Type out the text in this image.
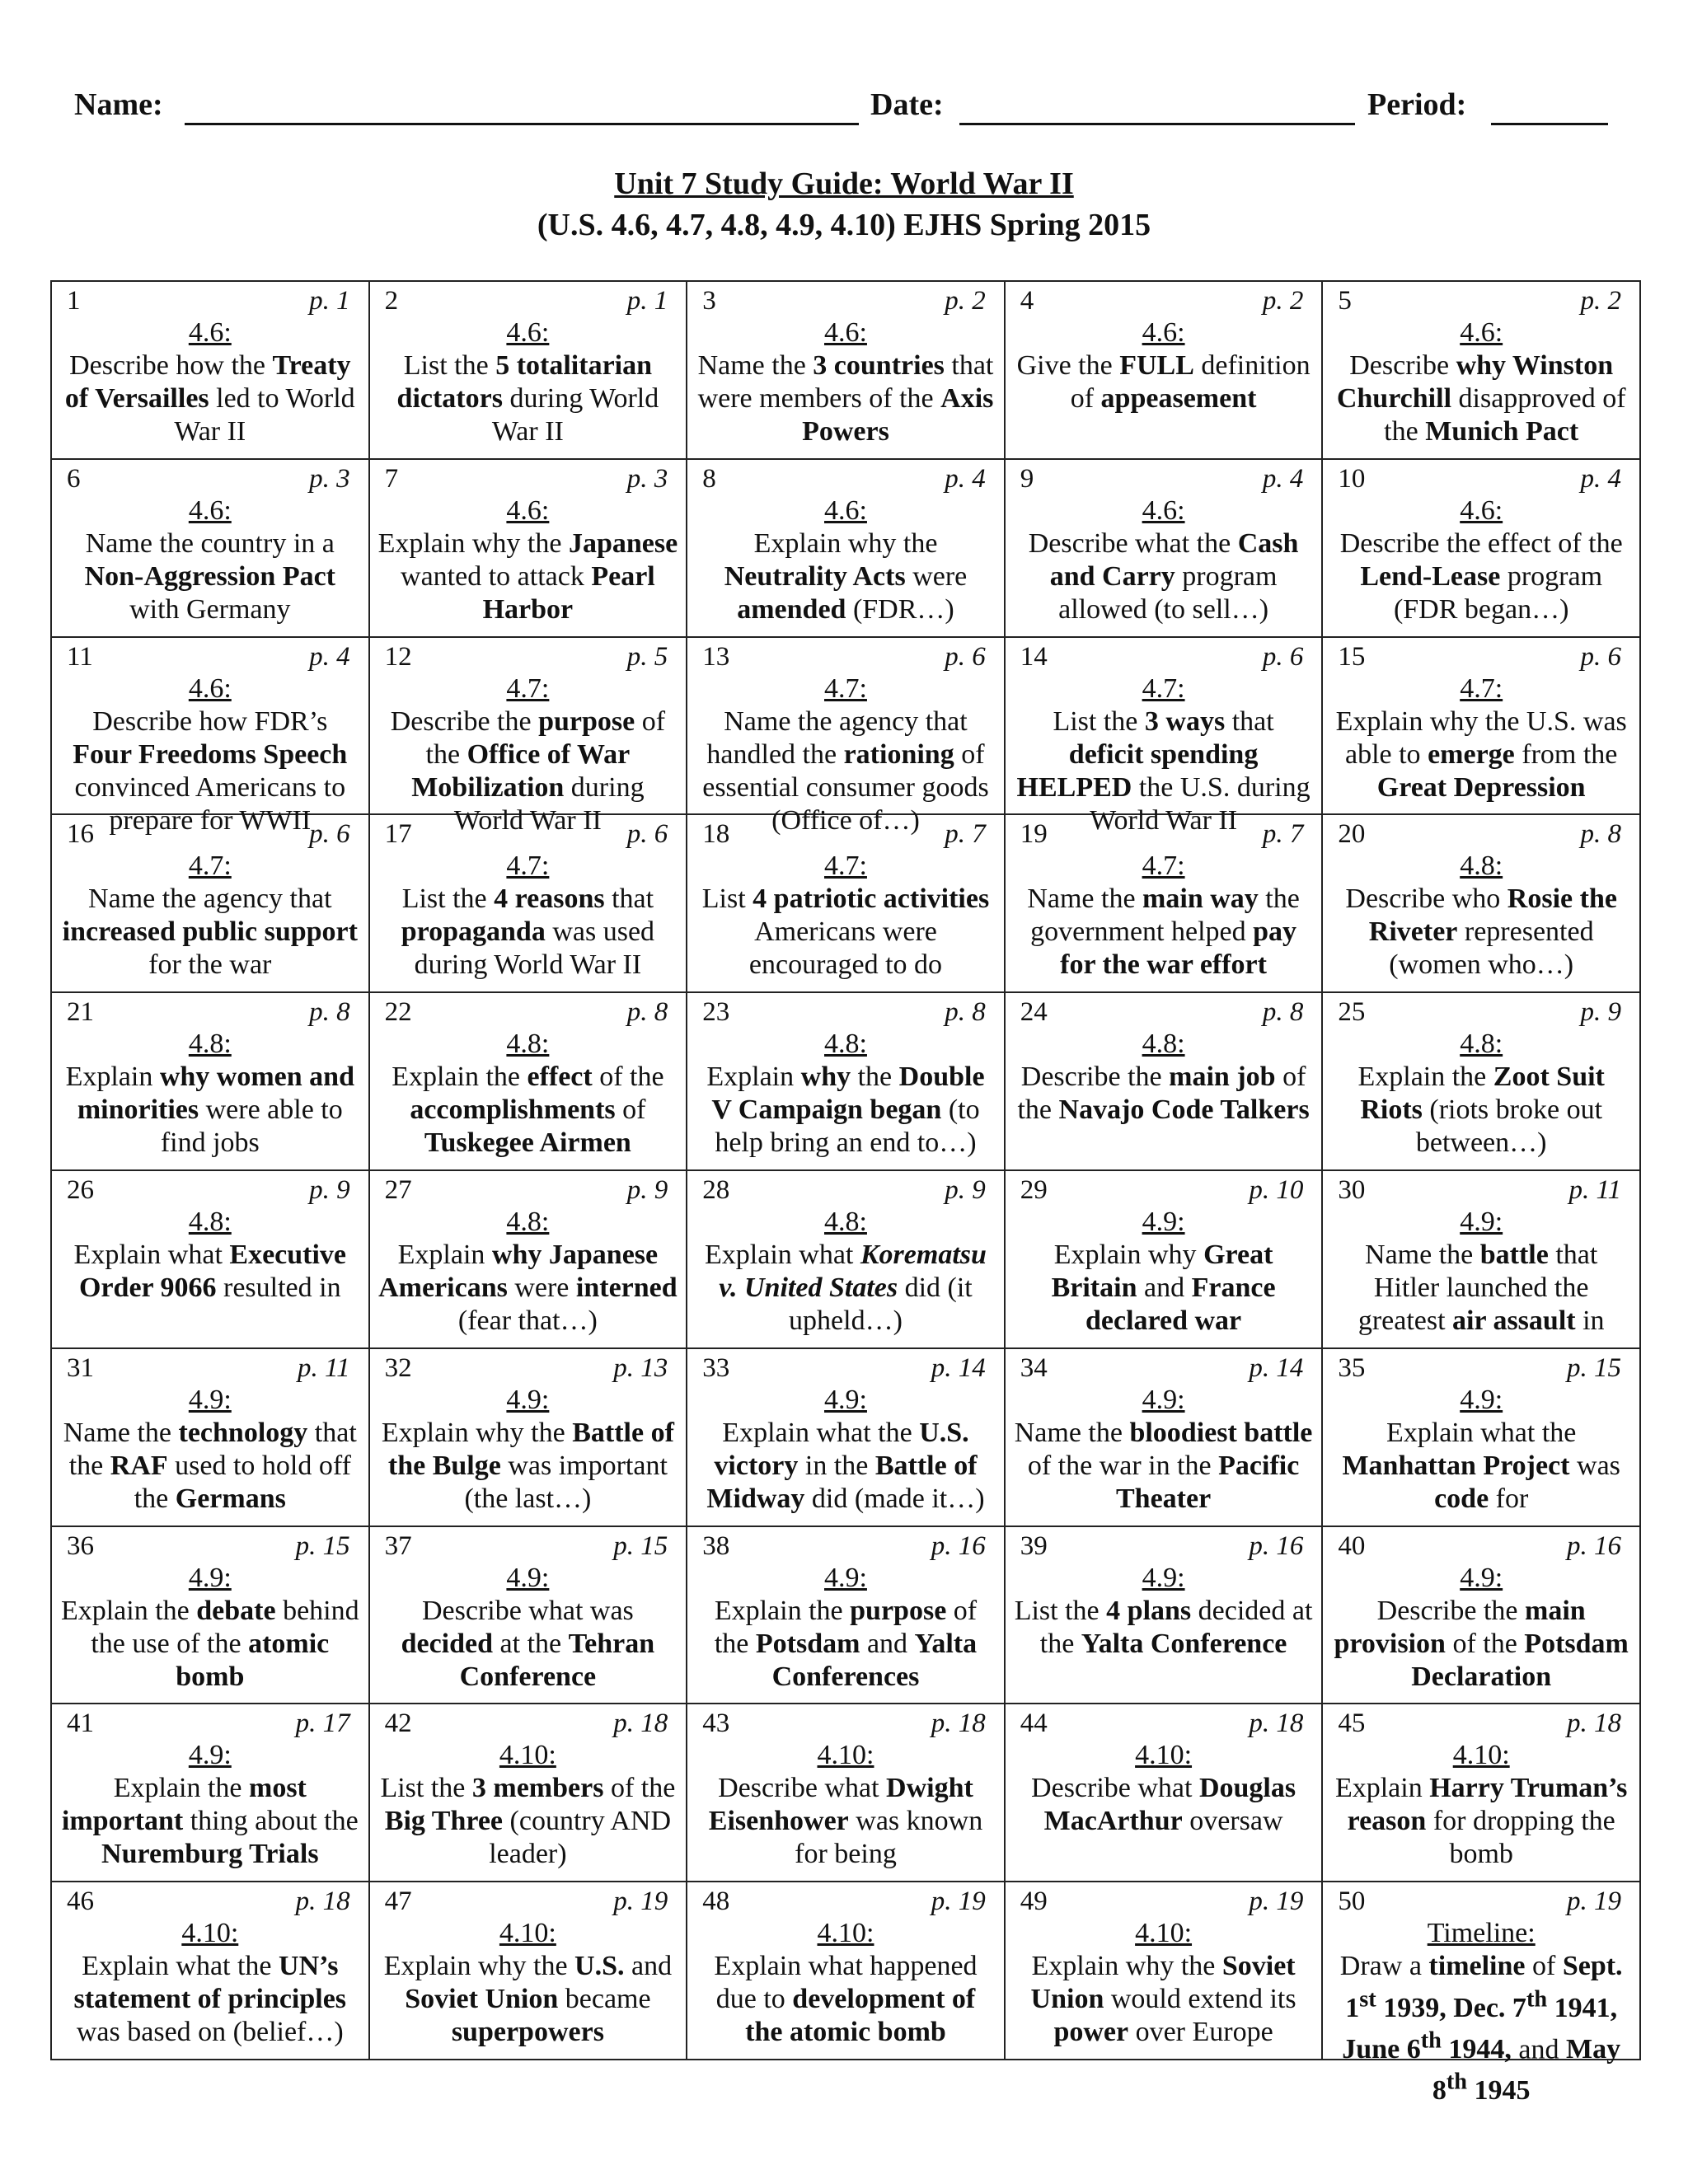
Name:	Date:	Period:
Unit 7 Study Guide: World War II
(U.S. 4.6, 4.7, 4.8, 4.9, 4.10) EJHS Spring 2015
1 p. 1
4.6:
Describe how the Treaty of Versailles led to World War II	2 p. 1
4.6:
List the 5 totalitarian dictators during World War II	3 p. 2
4.6:
Name the 3 countries that were members of the Axis Powers	4 p. 2
4.6:
Give the FULL definition of appeasement	5 p. 2
4.6:
Describe why Winston Churchill disapproved of the Munich Pact

6 p. 3
4.6:
Name the country in a Non-Aggression Pact with Germany	7 p. 3
4.6:
Explain why the Japanese wanted to attack Pearl Harbor	8 p. 4
4.6:
Explain why the Neutrality Acts were amended (FDR…)	9 p. 4
4.6:
Describe what the Cash and Carry program allowed (to sell…)	10 p. 4
4.6:
Describe the effect of the Lend-Lease program (FDR began…)

11 p. 4
4.6:
Describe how FDR’s Four Freedoms Speech convinced Americans to prepare for WWII	12 p. 5
4.7:
Describe the purpose of the Office of War Mobilization during World War II	13 p. 6
4.7:
Name the agency that handled the rationing of essential consumer goods (Office of…)	14 p. 6
4.7:
List the 3 ways that deficit spending HELPED the U.S. during World War II	15 p. 6
4.7:
Explain why the U.S. was able to emerge from the Great Depression

16 p. 6
4.7:
Name the agency that increased public support for the war	17 p. 6
4.7:
List the 4 reasons that propaganda was used during World War II	18 p. 7
4.7:
List 4 patriotic activities Americans were encouraged to do	19 p. 7
4.7:
Name the main way the government helped pay for the war effort	20 p. 8
4.8:
Describe who Rosie the Riveter represented (women who…)

21 p. 8
4.8:
Explain why women and minorities were able to find jobs	22 p. 8
4.8:
Explain the effect of the accomplishments of Tuskegee Airmen	23 p. 8
4.8:
Explain why the Double V Campaign began (to help bring an end to…)	24 p. 8
4.8:
Describe the main job of the Navajo Code Talkers	25 p. 9
4.8:
Explain the Zoot Suit Riots (riots broke out between…)

26 p. 9
4.8:
Explain what Executive Order 9066 resulted in	27 p. 9
4.8:
Explain why Japanese Americans were interned (fear that…)	28 p. 9
4.8:
Explain what Korematsu v. United States did (it upheld…)	29 p. 10
4.9:
Explain why Great Britain and France declared war	30 p. 11
4.9:
Name the battle that Hitler launched the greatest air assault in

31 p. 11
4.9:
Name the technology that the RAF used to hold off the Germans	32 p. 13
4.9:
Explain why the Battle of the Bulge was important (the last…)	33 p. 14
4.9:
Explain what the U.S. victory in the Battle of Midway did (made it…)	34 p. 14
4.9:
Name the bloodiest battle of the war in the Pacific Theater	35 p. 15
4.9:
Explain what the Manhattan Project was code for

36 p. 15
4.9:
Explain the debate behind the use of the atomic bomb	37 p. 15
4.9:
Describe what was decided at the Tehran Conference	38 p. 16
4.9:
Explain the purpose of the Potsdam and Yalta Conferences	39 p. 16
4.9:
List the 4 plans decided at the Yalta Conference	40 p. 16
4.9:
Describe the main provision of the Potsdam Declaration

41 p. 17
4.9:
Explain the most important thing about the Nuremburg Trials	42 p. 18
4.10:
List the 3 members of the Big Three (country AND leader)	43 p. 18
4.10:
Describe what Dwight Eisenhower was known for being	44 p. 18
4.10:
Describe what Douglas MacArthur oversaw	45 p. 18
4.10:
Explain Harry Truman’s reason for dropping the bomb

46 p. 18
4.10:
Explain what the UN’s statement of principles was based on (belief…)	47 p. 19
4.10:
Explain why the U.S. and Soviet Union became superpowers	48 p. 19
4.10:
Explain what happened due to development of the atomic bomb	49 p. 19
4.10:
Explain why the Soviet Union would extend its power over Europe	50 p. 19
Timeline:
Draw a timeline of Sept. 1st 1939, Dec. 7th 1941, June 6th 1944, and May 8th 1945
